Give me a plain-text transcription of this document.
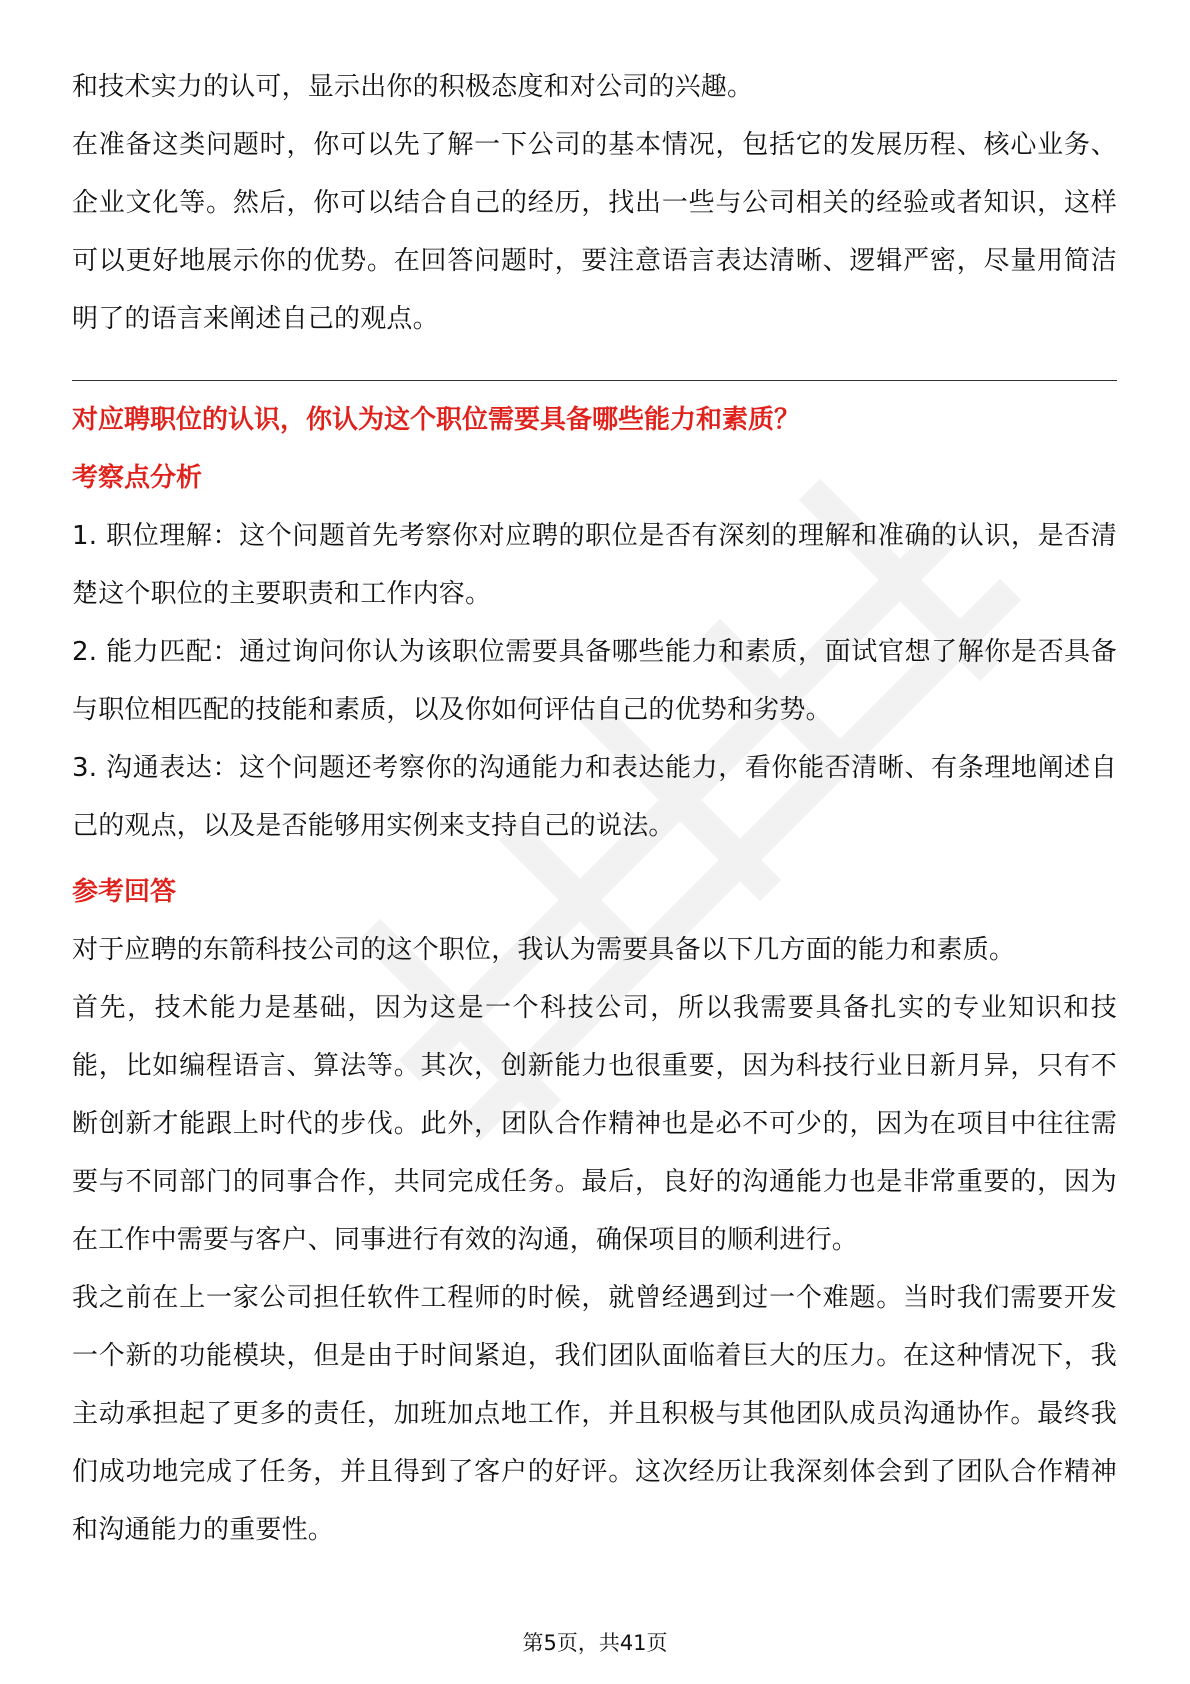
和技术实力的认可，显示出你的积极态度和对公司的兴趣。

在准备这类问题时，你可以先了解一下公司的基本情况，包括它的发展历程、核心业务、企业文化等。然后，你可以结合自己的经历，找出一些与公司相关的经验或者知识，这样可以更好地展示你的优势。在回答问题时，要注意语言表达清晰、逻辑严密，尽量用简洁明了的语言来阐述自己的观点。

对应聘职位的认识，你认为这个职位需要具备哪些能力和素质？

考察点分析

1. 职位理解：这个问题首先考察你对应聘的职位是否有深刻的理解和准确的认识，是否清楚这个职位的主要职责和工作内容。

2. 能力匹配：通过询问你认为该职位需要具备哪些能力和素质，面试官想了解你是否具备与职位相匹配的技能和素质，以及你如何评估自己的优势和劣势。

3. 沟通表达：这个问题还考察你的沟通能力和表达能力，看你能否清晰、有条理地阐述自己的观点，以及是否能够用实例来支持自己的说法。

参考回答

对于应聘的东箭科技公司的这个职位，我认为需要具备以下几方面的能力和素质。

首先，技术能力是基础，因为这是一个科技公司，所以我需要具备扎实的专业知识和技能，比如编程语言、算法等。其次，创新能力也很重要，因为科技行业日新月异，只有不断创新才能跟上时代的步伐。此外，团队合作精神也是必不可少的，因为在项目中往往需要与不同部门的同事合作，共同完成任务。最后，良好的沟通能力也是非常重要的，因为在工作中需要与客户、同事进行有效的沟通，确保项目的顺利进行。

我之前在上一家公司担任软件工程师的时候，就曾经遇到过一个难题。当时我们需要开发一个新的功能模块，但是由于时间紧迫，我们团队面临着巨大的压力。在这种情况下，我主动承担起了更多的责任，加班加点地工作，并且积极与其他团队成员沟通协作。最终我们成功地完成了任务，并且得到了客户的好评。这次经历让我深刻体会到了团队合作精神和沟通能力的重要性。

第5页，共41页
